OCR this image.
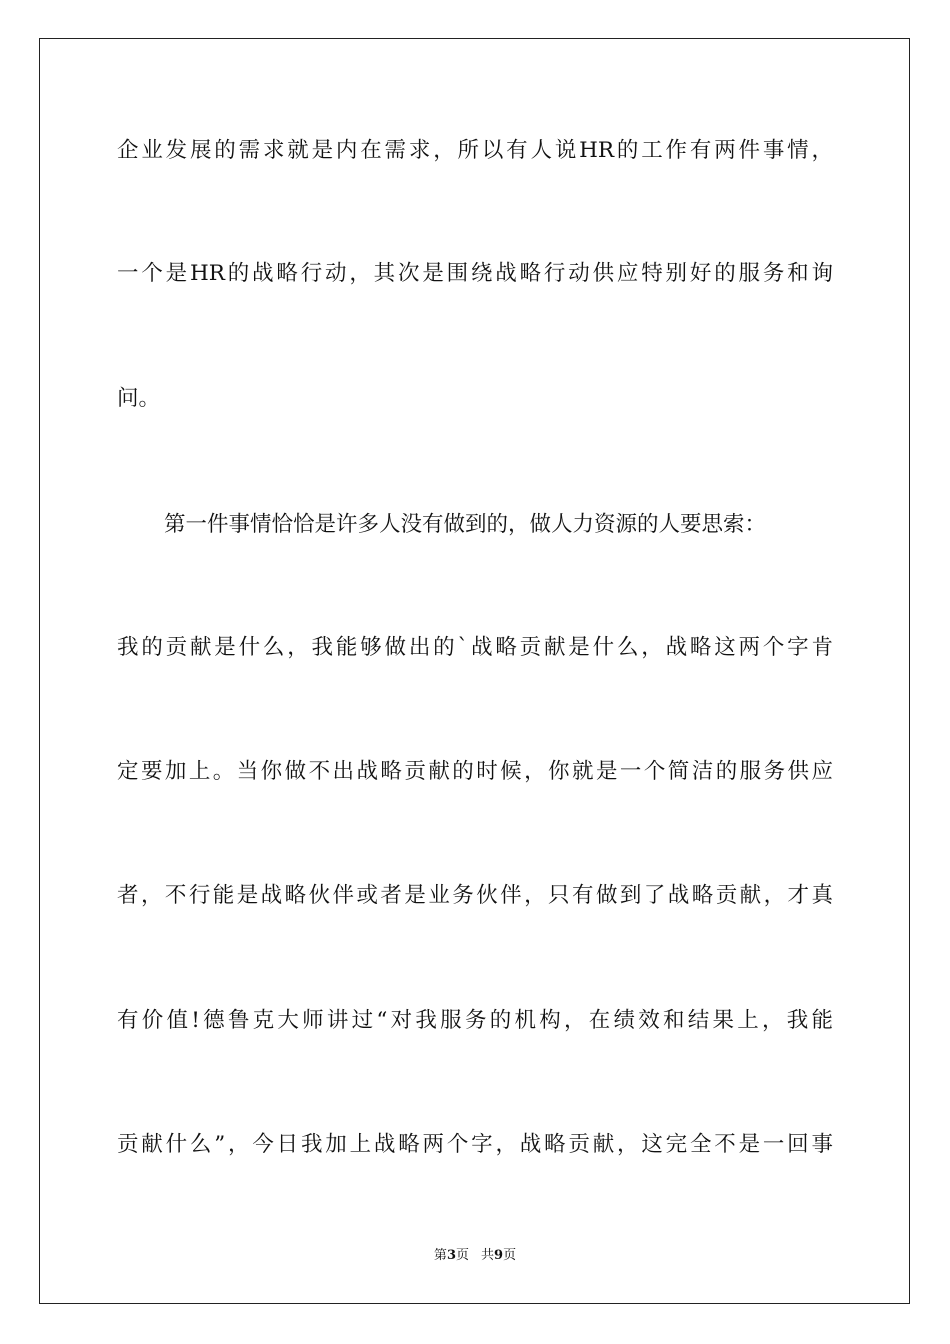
企业发展的需求就是内在需求，所以有人说HR的工作有两件事情，
一个是HR的战略行动，其次是围绕战略行动供应特别好的服务和询
问。
第一件事情恰恰是许多人没有做到的，做人力资源的人要思索：
我的贡献是什么，我能够做出的`战略贡献是什么，战略这两个字肯
定要加上。当你做不出战略贡献的时候，你就是一个简洁的服务供应
者，不行能是战略伙伴或者是业务伙伴，只有做到了战略贡献，才真
有价值!德鲁克大师讲过“对我服务的机构，在绩效和结果上，我能
贡献什么”，今日我加上战略两个字，战略贡献，这完全不是一回事
第3页 共9页
